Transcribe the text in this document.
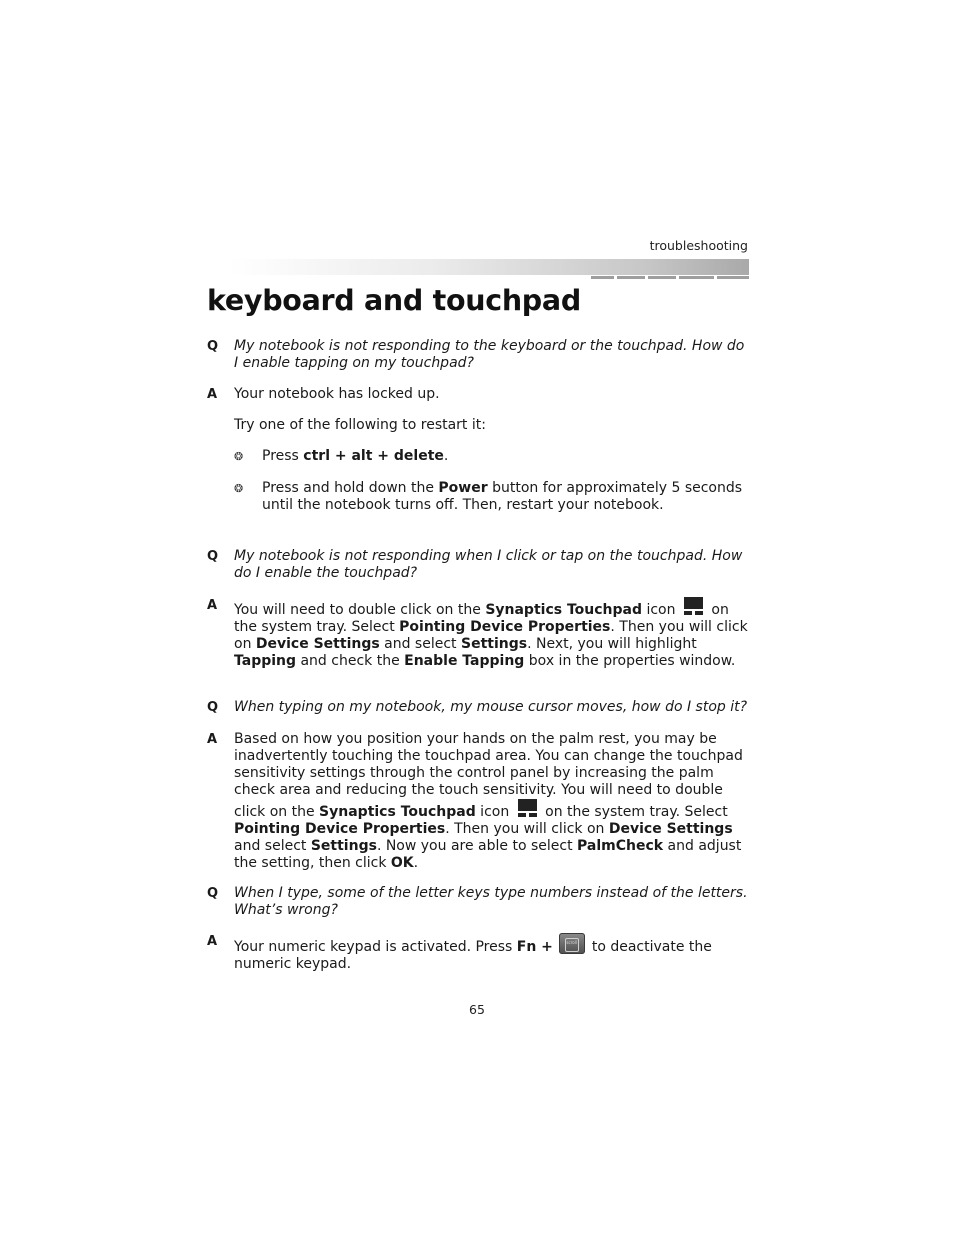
troubleshooting
keyboard and touchpad
Q My notebook is not responding to the keyboard or the touchpad. How do I enable tapping on my touchpad?
A Your notebook has locked up.
Try one of the following to restart it:
❂ Press ctrl + alt + delete.
❂ Press and hold down the Power button for approximately 5 seconds until the notebook turns off. Then, restart your notebook.
Q My notebook is not responding when I click or tap on the touchpad. How do I enable the touchpad?
A You will need to double click on the Synaptics Touchpad icon  on the system tray. Select Pointing Device Properties. Then you will click on Device Settings and select Settings. Next, you will highlight Tapping and check the Enable Tapping box in the properties window.
Q When typing on my notebook, my mouse cursor moves, how do I stop it?
A Based on how you position your hands on the palm rest, you may be inadvertently touching the touchpad area. You can change the touchpad sensitivity settings through the control panel by increasing the palm check area and reducing the touch sensitivity. You will need to double click on the Synaptics Touchpad icon  on the system tray. Select Pointing Device Properties. Then you will click on Device Settings and select Settings. Now you are able to select PalmCheck and adjust the setting, then click OK.
Q When I type, some of the letter keys type numbers instead of the letters. What’s wrong?
A Your numeric keypad is activated. Press Fn +	scroll to deactivate the numeric keypad.
65
